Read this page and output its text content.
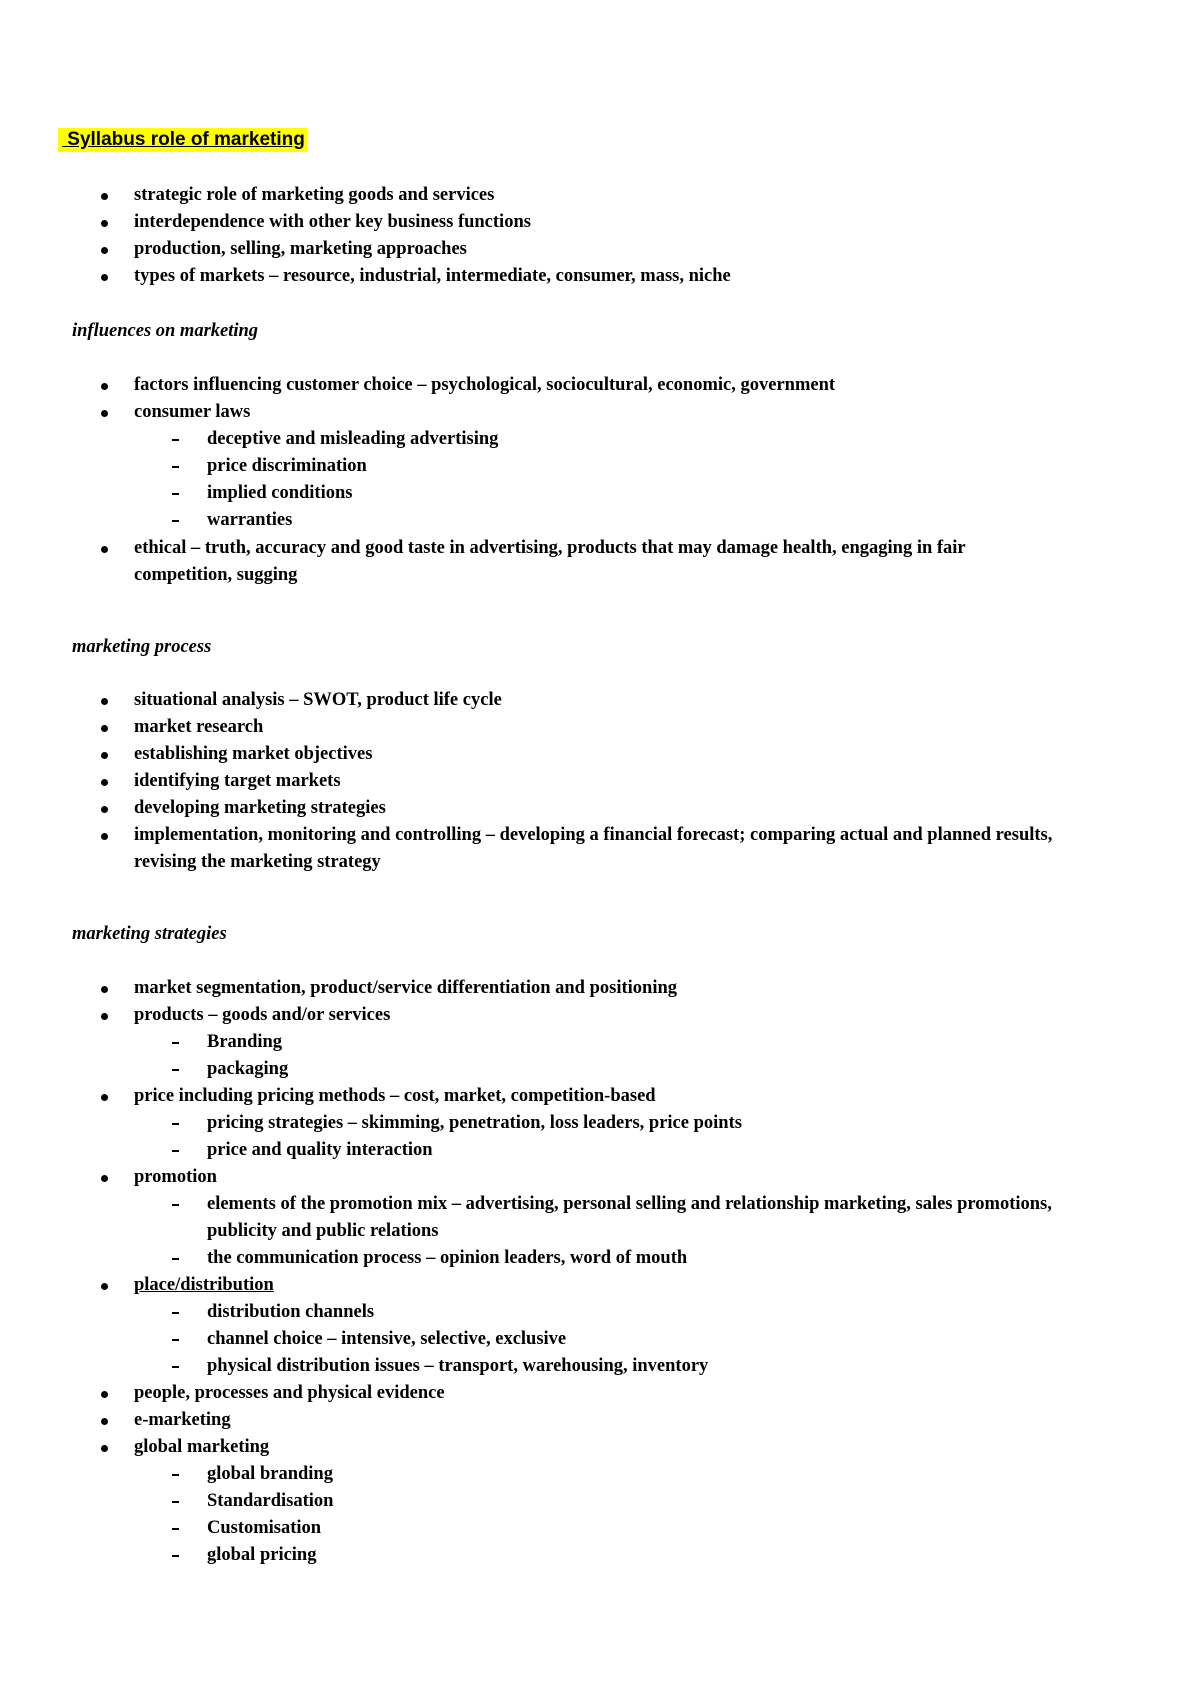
Syllabus role of marketing
strategic role of marketing goods and services
interdependence with other key business functions
production, selling, marketing approaches
types of markets – resource, industrial, intermediate, consumer, mass, niche
influences on marketing
factors influencing customer choice – psychological, sociocultural, economic, government
consumer laws
deceptive and misleading advertising
price discrimination
implied conditions
warranties
ethical – truth, accuracy and good taste in advertising, products that may damage health, engaging in fair
competition, sugging
marketing process
situational analysis – SWOT, product life cycle
market research
establishing market objectives
identifying target markets
developing marketing strategies
implementation, monitoring and controlling – developing a financial forecast; comparing actual and planned results,
revising the marketing strategy
marketing strategies
market segmentation, product/service differentiation and positioning
products – goods and/or services
Branding
packaging
price including pricing methods – cost, market, competition-based
pricing strategies – skimming, penetration, loss leaders, price points
price and quality interaction
promotion
elements of the promotion mix – advertising, personal selling and relationship marketing, sales promotions,
publicity and public relations
the communication process – opinion leaders, word of mouth
place/distribution
distribution channels
channel choice – intensive, selective, exclusive
physical distribution issues – transport, warehousing, inventory
people, processes and physical evidence
e-marketing
global marketing
global branding
Standardisation
Customisation
global pricing
